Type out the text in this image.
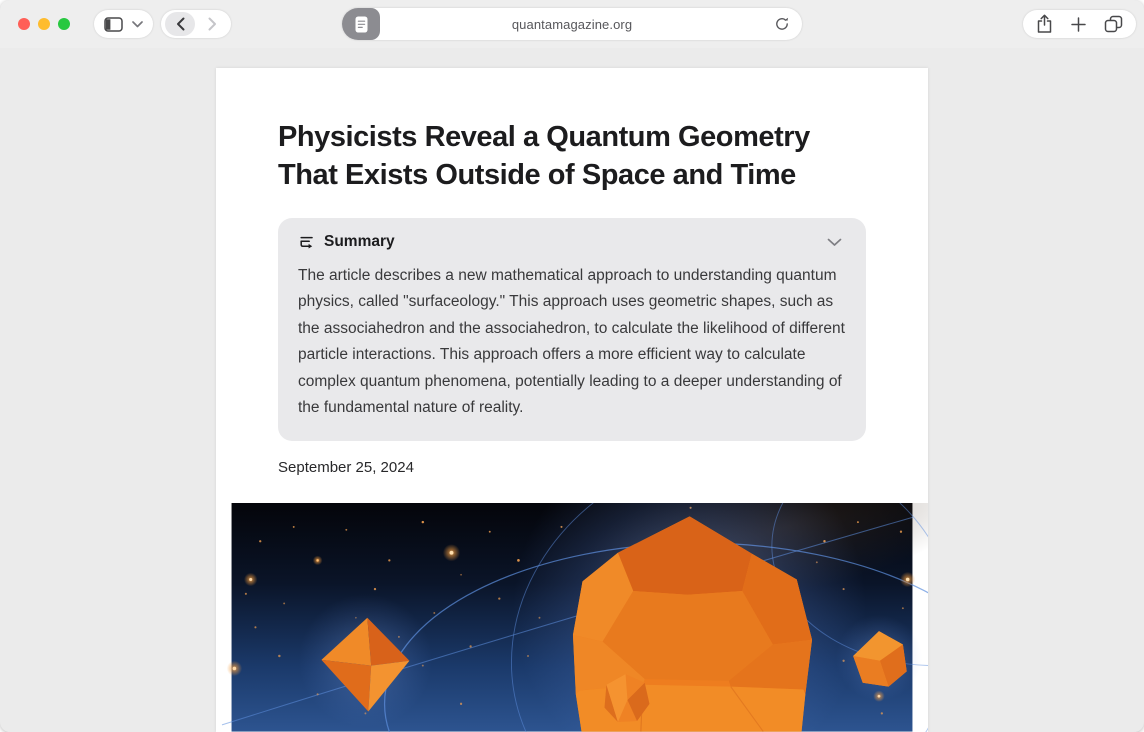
quantamagazine.org
Physicists Reveal a Quantum Geometry That Exists Outside of Space and Time
Summary

The article describes a new mathematical approach to understanding quantum physics, called "surfaceology." This approach uses geometric shapes, such as the associahedron and the associahedron, to calculate the likelihood of different particle interactions. This approach offers a more efficient way to calculate complex quantum phenomena, potentially leading to a deeper understanding of the fundamental nature of reality.

September 25, 2024
